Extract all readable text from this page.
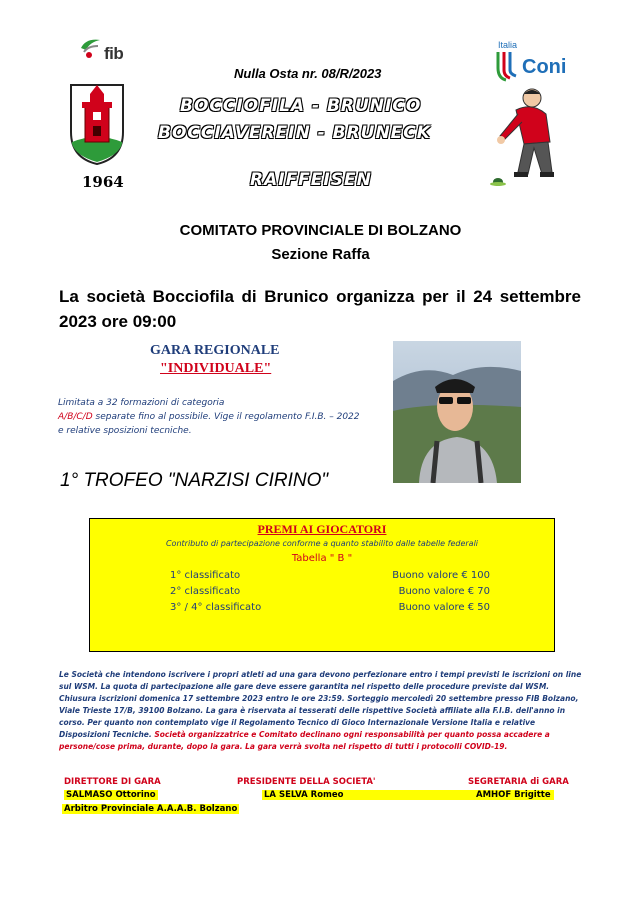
fib
1964
Nulla Osta nr. 08/R/2023
BOCCIOFILA - BRUNICO
BOCCIAVEREIN - BRUNECK
RAIFFEISEN
Italia
Coni
COMITATO PROVINCIALE DI BOLZANO
Sezione Raffa
La società Bocciofila di Brunico organizza per il 24 settembre 2023 ore 09:00
GARA REGIONALE
"INDIVIDUALE"
Limitata a 32 formazioni di categoria
A/B/C/D separate fino al possibile. Vige il regolamento F.I.B. – 2022
e relative sposizioni tecniche.
1° TROFEO "NARZISI CIRINO"
PREMI AI GIOCATORI
Contributo di partecipazione conforme a quanto stabilito dalle tabelle federali
Tabella " B "
1° classificato	Buono valore € 100
2° classificato	Buono valore € 70
3° / 4° classificato	Buono valore € 50
Le Società che intendono iscrivere i propri atleti ad una gara devono perfezionare entro i tempi previsti le iscrizioni on line sul WSM. La quota di partecipazione alle gare deve essere garantita nel rispetto delle procedure previste dal WSM. Chiusura iscrizioni domenica 17 settembre 2023 entro le ore 23:59. Sorteggio mercoledì 20 settembre presso FIB Bolzano, Viale Trieste 17/B, 39100 Bolzano. La gara è riservata ai tesserati delle rispettive Società affiliate alla F.I.B. dell'anno in corso. Per quanto non contemplato vige il Regolamento Tecnico di Gioco Internazionale Versione Italia e relative Disposizioni Tecniche. Società organizzatrice e Comitato declinano ogni responsabilità per quanto possa accadere a persone/cose prima, durante, dopo la gara. La gara verrà svolta nel rispetto di tutti i protocolli COVID-19.
DIRETTORE DI GARA
SALMASO Ottorino
Arbitro Provinciale A.A.A.B. Bolzano
PRESIDENTE DELLA SOCIETA'
LA SELVA Romeo
SEGRETARIA di GARA
AMHOF Brigitte
